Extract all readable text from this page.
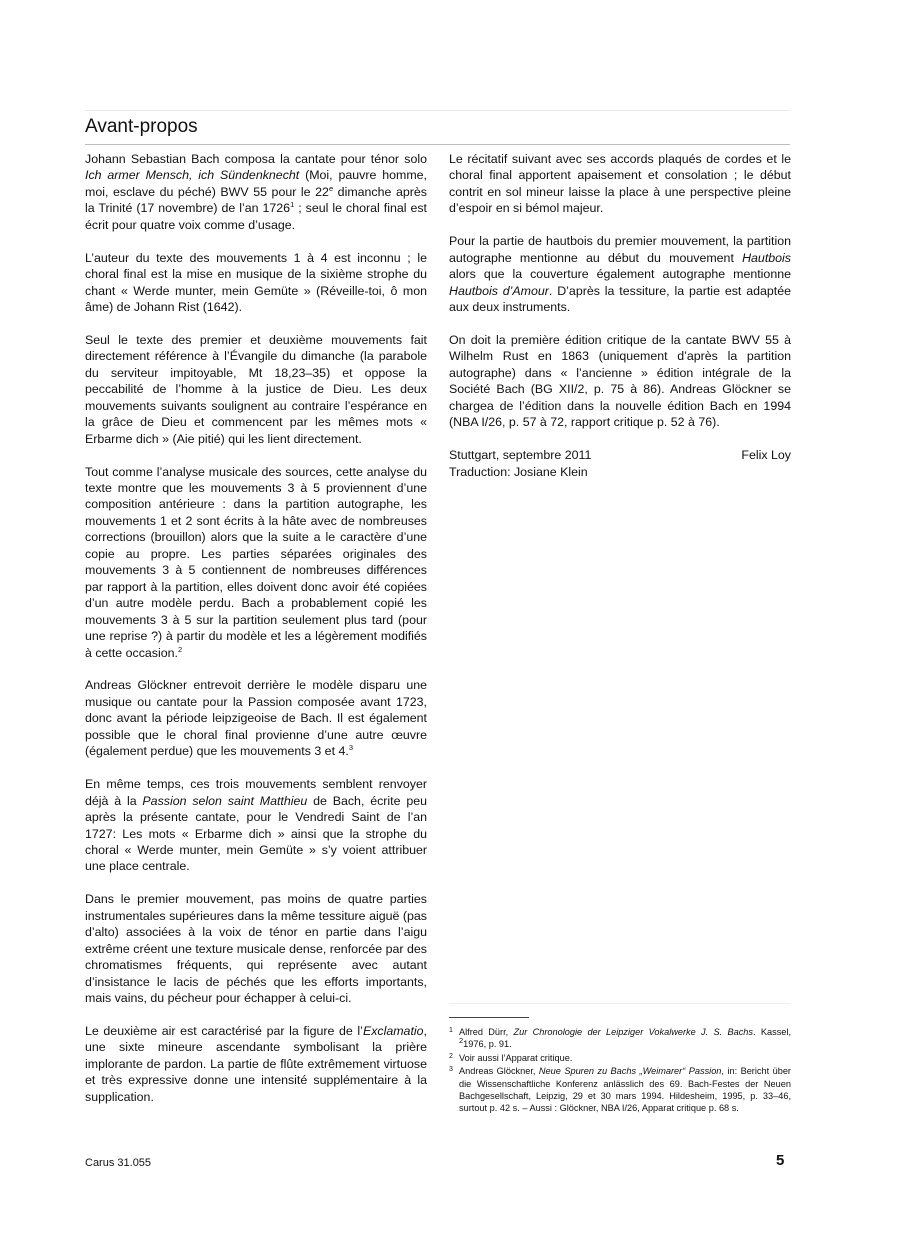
Avant-propos

Johann Sebastian Bach composa la cantate pour ténor solo Ich armer Mensch, ich Sündenknecht (Moi, pauvre homme, moi, esclave du péché) BWV 55 pour le 22e dimanche après la Trinité (17 novembre) de l’an 1726$^1$ ; seul le choral final est écrit pour quatre voix comme d’usage.

L’auteur du texte des mouvements 1 à 4 est inconnu ; le choral final est la mise en musique de la sixième strophe du chant « Werde munter, mein Gemüte » (Réveille-toi, ô mon âme) de Johann Rist (1642).

Seul le texte des premier et deuxième mouvements fait directement référence à l’Évangile du dimanche (la parabole du serviteur impitoyable, Mt 18,23–35) et oppose la peccabilité de l’homme à la justice de Dieu. Les deux mouvements suivants soulignent au contraire l’espérance en la grâce de Dieu et commencent par les mêmes mots « Erbarme dich » (Aie pitié) qui les lient directement.

Tout comme l’analyse musicale des sources, cette analyse du texte montre que les mouvements 3 à 5 proviennent d’une composition antérieure : dans la partition autographe, les mouvements 1 et 2 sont écrits à la hâte avec de nombreuses corrections (brouillon) alors que la suite a le caractère d’une copie au propre. Les parties séparées originales des mouvements 3 à 5 contiennent de nombreuses différences par rapport à la partition, elles doivent donc avoir été copiées d’un autre modèle perdu. Bach a probablement copié les mouvements 3 à 5 sur la partition seulement plus tard (pour une reprise ?) à partir du modèle et les a légèrement modifiés à cette occasion.$^2$

Andreas Glöckner entrevoit derrière le modèle disparu une musique ou cantate pour la Passion composée avant 1723, donc avant la période leipzigeoise de Bach. Il est également possible que le choral final provienne d’une autre œuvre (également perdue) que les mouvements 3 et 4.$^3$

En même temps, ces trois mouvements semblent renvoyer déjà à la Passion selon saint Matthieu de Bach, écrite peu après la présente cantate, pour le Vendredi Saint de l’an 1727: Les mots « Erbarme dich » ainsi que la strophe du choral « Werde munter, mein Gemüte » s’y voient attribuer une place centrale.

Dans le premier mouvement, pas moins de quatre parties instrumentales supérieures dans la même tessiture aiguë (pas d’alto) associées à la voix de ténor en partie dans l’aigu extrême créent une texture musicale dense, renforcée par des chromatismes fréquents, qui représente avec autant d’insistance le lacis de péchés que les efforts importants, mais vains, du pécheur pour échapper à celui-ci.

Le deuxième air est caractérisé par la figure de l’Exclamatio, une sixte mineure ascendante symbolisant la prière implorante de pardon. La partie de flûte extrêmement virtuose et très expressive donne une intensité supplémentaire à la supplication.

Le récitatif suivant avec ses accords plaqués de cordes et le choral final apportent apaisement et consolation ; le début contrit en sol mineur laisse la place à une perspective pleine d’espoir en si bémol majeur.

Pour la partie de hautbois du premier mouvement, la partition autographe mentionne au début du mouvement Hautbois alors que la couverture également autographe mentionne Hautbois d’Amour. D’après la tessiture, la partie est adaptée aux deux instruments.

On doit la première édition critique de la cantate BWV 55 à Wilhelm Rust en 1863 (uniquement d’après la partition autographe) dans « l’ancienne » édition intégrale de la Société Bach (BG XII/2, p. 75 à 86). Andreas Glöckner se chargea de l’édition dans la nouvelle édition Bach en 1994 (NBA I/26, p. 57 à 72, rapport critique p. 52 à 76).

Stuttgart, septembre 2011	Felix Loy
Traduction: Josiane Klein
1 Alfred Dürr, Zur Chronologie der Leipziger Vokalwerke J. S. Bachs. Kassel, $^2$1976, p. 91.
2 Voir aussi l’Apparat critique.
3 Andreas Glöckner, Neue Spuren zu Bachs „Weimarer“ Passion, in: Bericht über die Wissenschaftliche Konferenz anlässlich des 69. Bach-Festes der Neuen Bachgesellschaft, Leipzig, 29 et 30 mars 1994. Hildesheim, 1995, p. 33–46, surtout p. 42 s. – Aussi : Glöckner, NBA I/26, Apparat critique p. 68 s.
Carus 31.055	5
